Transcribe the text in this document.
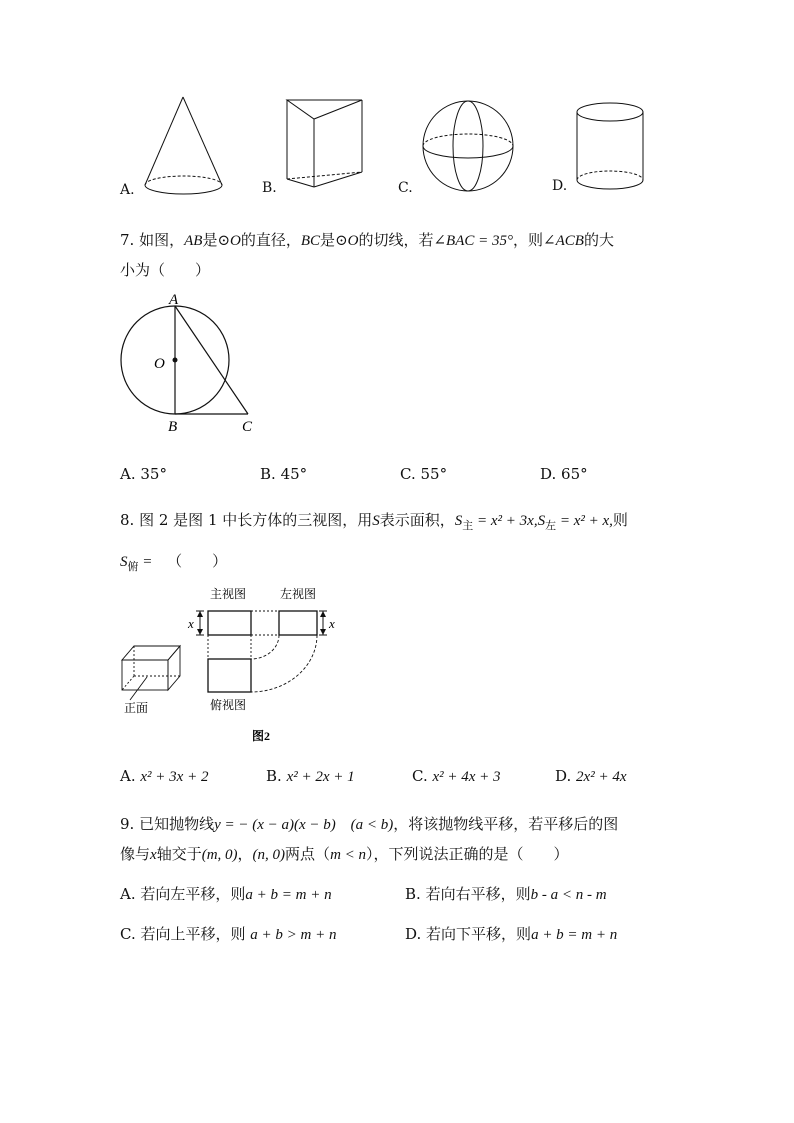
A.	B.	C.	D.
7. 如图，AB是⊙O的直径，BC是⊙O的切线，若∠BAC = 35°，则∠ACB的大
小为（　　）
A
O
B	C
A. 35°	B. 45°	C. 55°	D. 65°
8. 图 2 是图 1 中长方体的三视图，用S表示面积，$S_主 = x^2 + 3x,S_左 = x^2 + x$,则
$S_俯$ = （　　）
正面
主视图	左视图
俯视图
x	x
图2
A. x² + 3x + 2	B. x² + 2x + 1	C. x² + 4x + 3	D. 2x² + 4x
9. 已知抛物线y = − (x − a)(x − b) (a < b)，将该抛物线平移，若平移后的图
像与x轴交于(m, 0)，(n, 0)两点（m < n），下列说法正确的是（　　）
A. 若向左平移，则a + b = m + n	B. 若向右平移，则b - a < n - m
C. 若向上平移，则 a + b > m + n	D. 若向下平移，则a + b = m + n
